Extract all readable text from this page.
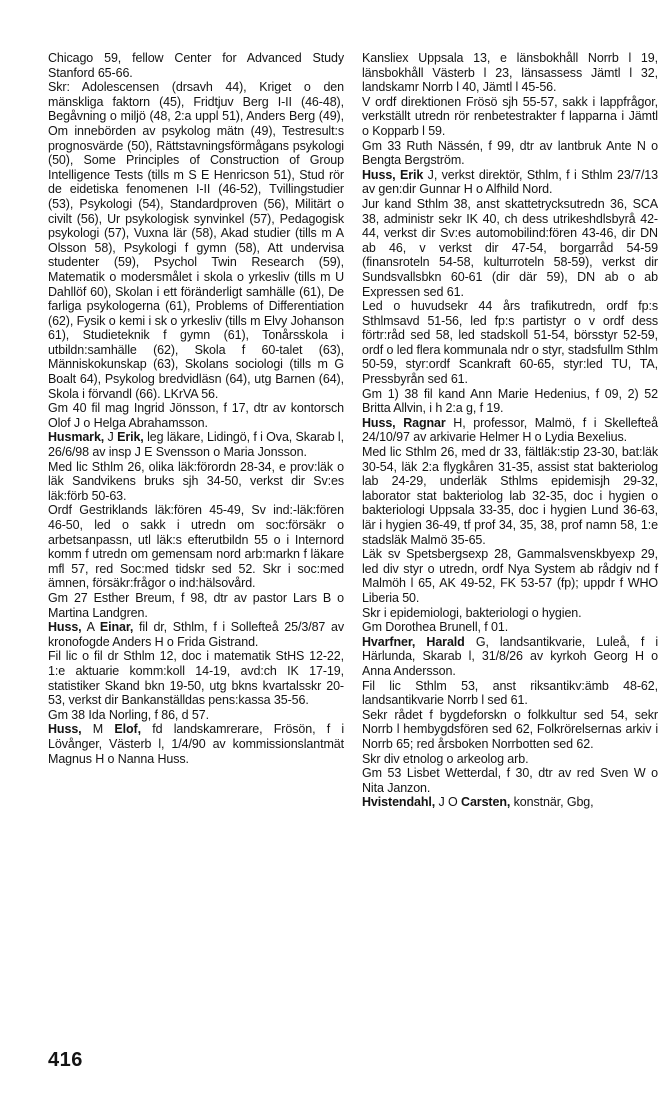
Chicago 59, fellow Center for Advanced Study Stanford 65-66.

Skr: Adolescensen (drsavh 44), Kriget o den mänskliga faktorn (45), Fridtjuv Berg I-II (46-48), Begåvning o miljö (48, 2:a uppl 51), Anders Berg (49), Om innebörden av psykolog mätn (49), Testresult:s prognosvärde (50), Rättstavningsförmågans psykologi (50), Some Principles of Construction of Group Intelligence Tests (tills m S E Henricson 51), Stud rör de eidetiska fenomenen I-II (46-52), Tvillingstudier (53), Psykologi (54), Standardproven (56), Militärt o civilt (56), Ur psykologisk synvinkel (57), Pedagogisk psykologi (57), Vuxna lär (58), Akad studier (tills m A Olsson 58), Psykologi f gymn (58), Att undervisa studenter (59), Psychol Twin Research (59), Matematik o modersmålet i skola o yrkesliv (tills m U Dahllöf 60), Skolan i ett föränderligt samhälle (61), De farliga psykologerna (61), Problems of Differentiation (62), Fysik o kemi i sk o yrkesliv (tills m Elvy Johanson 61), Studieteknik f gymn (61), Tonårsskola i utbildn:samhälle (62), Skola f 60-talet (63), Människokunskap (63), Skolans sociologi (tills m G Boalt 64), Psykolog bredvidläsn (64), utg Barnen (64), Skola i förvandl (66). LKrVA 56.

Gm 40 fil mag Ingrid Jönsson, f 17, dtr av kontorsch Olof J o Helga Abrahamsson.

Husmark, J Erik, leg läkare, Lidingö, f i Ova, Skarab l, 26/6/98 av insp J E Svensson o Maria Jonsson.

Med lic Sthlm 26, olika läk:förordn 28-34, e prov:läk o läk Sandvikens bruks sjh 34-50, verkst dir Sv:es läk:förb 50-63.

Ordf Gestriklands läk:fören 45-49, Sv ind:-läk:fören 46-50, led o sakk i utredn om soc:försäkr o arbetsanpassn, utl läk:s efterutbildn 55 o i Internord komm f utredn om gemensam nord arb:markn f läkare mfl 57, red Soc:med tidskr sed 52. Skr i soc:med ämnen, försäkr:frågor o ind:hälsovård.

Gm 27 Esther Breum, f 98, dtr av pastor Lars B o Martina Landgren.

Huss, A Einar, fil dr, Sthlm, f i Sollefteå 25/3/87 av kronofogde Anders H o Frida Gistrand.

Fil lic o fil dr Sthlm 12, doc i matematik StHS 12-22, 1:e aktuarie komm:koll 14-19, avd:ch IK 17-19, statistiker Skand bkn 19-50, utg bkns kvartalsskr 20-53, verkst dir Bankanställdas pens:kassa 35-56.

Gm 38 Ida Norling, f 86, d 57.

Huss, M Elof, fd landskamrerare, Frösön, f i Lövånger, Västerb l, 1/4/90 av kommissionslantmät Magnus H o Nanna Huss.

Kansliex Uppsala 13, e länsbokhåll Norrb l 19, länsbokhåll Västerb l 23, länsassess Jämtl l 32, landskamr Norrb l 40, Jämtl l 45-56.

V ordf direktionen Frösö sjh 55-57, sakk i lappfrågor, verkställt utredn rör renbetestrakter f lapparna i Jämtl o Kopparb l 59.

Gm 33 Ruth Nässén, f 99, dtr av lantbruk Ante N o Bengta Bergström.

Huss, Erik J, verkst direktör, Sthlm, f i Sthlm 23/7/13 av gen:dir Gunnar H o Alfhild Nord.

Jur kand Sthlm 38, anst skattetrycksutredn 36, SCA 38, administr sekr IK 40, ch dess utrikeshdlsbyrå 42-44, verkst dir Sv:es automobilind:fören 43-46, dir DN ab 46, v verkst dir 47-54, borgarråd 54-59 (finansroteln 54-58, kulturroteln 58-59), verkst dir Sundsvallsbkn 60-61 (dir där 59), DN ab o ab Expressen sed 61.

Led o huvudsekr 44 års trafikutredn, ordf fp:s Sthlmsavd 51-56, led fp:s partistyr o v ordf dess förtr:råd sed 58, led stadskoll 51-54, börsstyr 52-59, ordf o led flera kommunala ndr o styr, stadsfullm Sthlm 50-59, styr:ordf Scankraft 60-65, styr:led TU, TA, Pressbyrån sed 61.

Gm 1) 38 fil kand Ann Marie Hedenius, f 09, 2) 52 Britta Allvin, i h 2:a g, f 19.

Huss, Ragnar H, professor, Malmö, f i Skellefteå 24/10/97 av arkivarie Helmer H o Lydia Bexelius.

Med lic Sthlm 26, med dr 33, fältläk:stip 23-30, bat:läk 30-54, läk 2:a flygkåren 31-35, assist stat bakteriolog lab 24-29, underläk Sthlms epidemisjh 29-32, laborator stat bakteriolog lab 32-35, doc i hygien o bakteriologi Uppsala 33-35, doc i hygien Lund 36-63, lär i hygien 36-49, tf prof 34, 35, 38, prof namn 58, 1:e stadsläk Malmö 35-65.

Läk sv Spetsbergsexp 28, Gammalsvenskbyexp 29, led div styr o utredn, ordf Nya System ab rådgiv nd f Malmöh l 65, AK 49-52, FK 53-57 (fp); uppdr f WHO Liberia 50.

Skr i epidemiologi, bakteriologi o hygien.

Gm Dorothea Brunell, f 01.

Hvarfner, Harald G, landsantikvarie, Luleå, f i Härlunda, Skarab l, 31/8/26 av kyrkoh Georg H o Anna Andersson.

Fil lic Sthlm 53, anst riksantikv:ämb 48-62, landsantikvarie Norrb l sed 61.

Sekr rådet f bygdeforskn o folkkultur sed 54, sekr Norrb l hembygdsfören sed 62, Folkrörelsernas arkiv i Norrb 65; red årsboken Norrbotten sed 62.

Skr div etnolog o arkeolog arb.

Gm 53 Lisbet Wetterdal, f 30, dtr av red Sven W o Nita Janzon.

Hvistendahl, J O Carsten, konstnär, Gbg,

416
